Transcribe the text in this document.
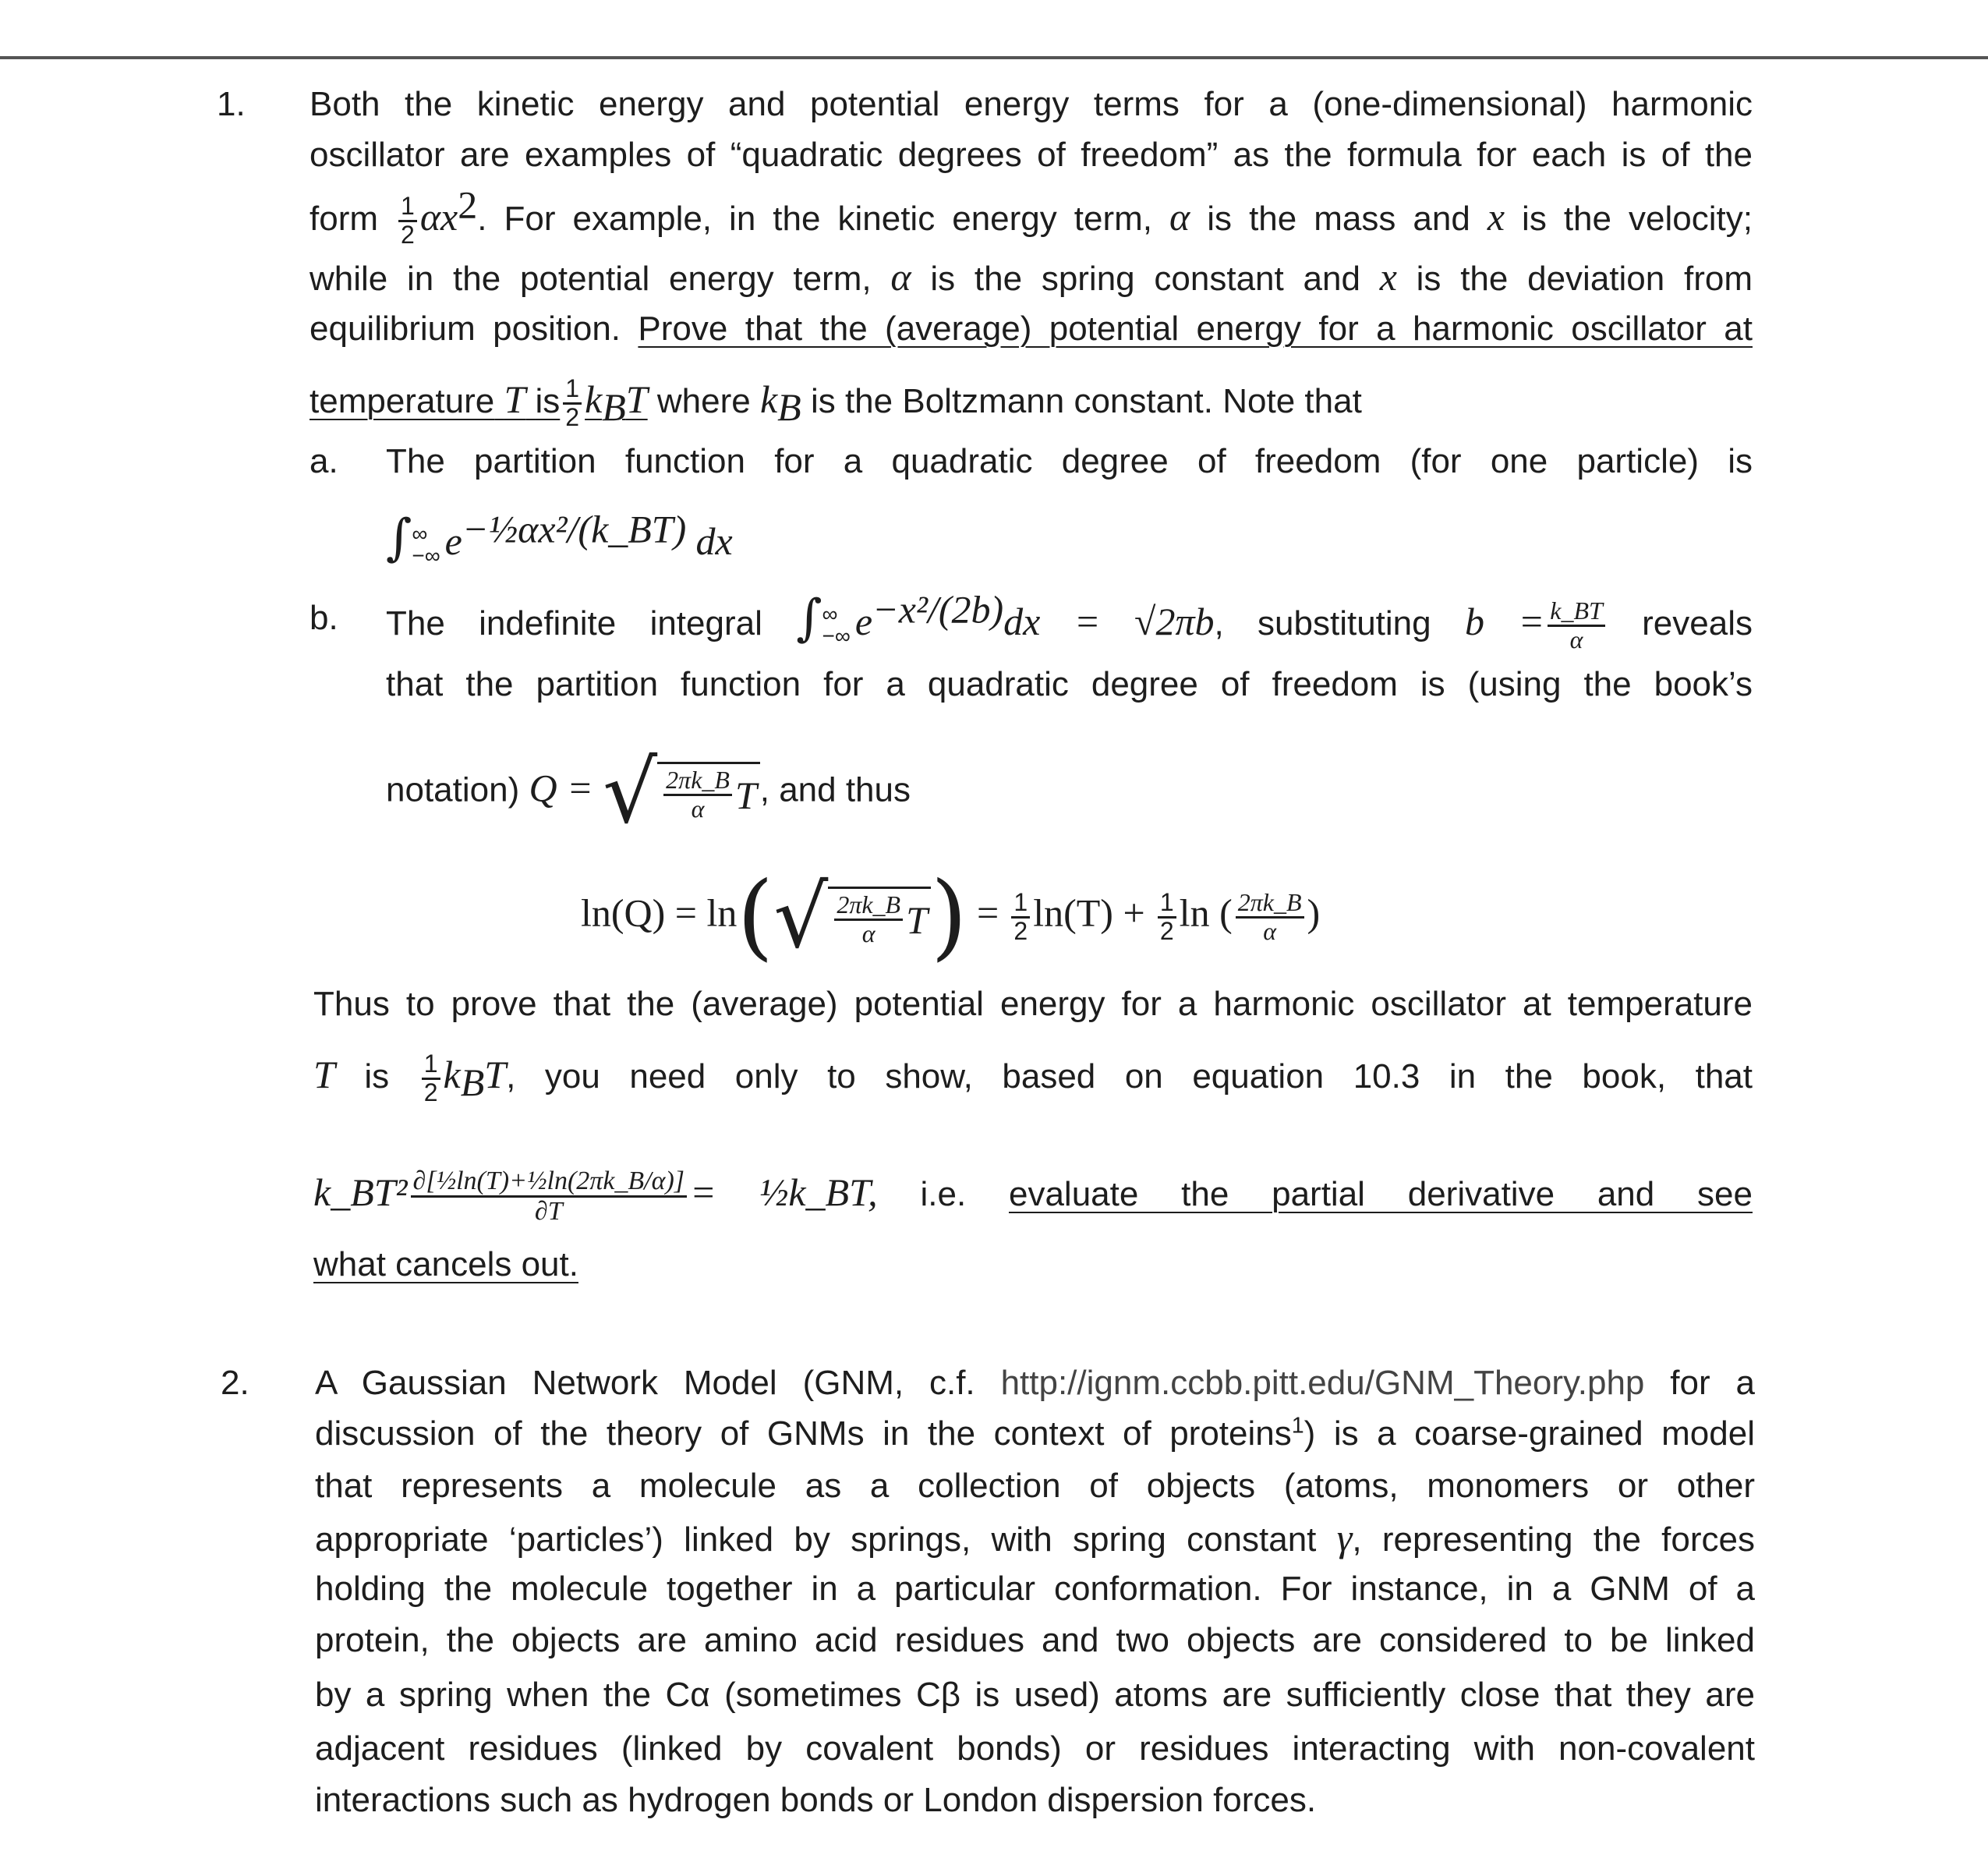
1. Both the kinetic energy and potential energy terms for a (one-dimensional) harmonic
oscillator are examples of “quadratic degrees of freedom” as the formula for each is of the
form $\frac{1}{2} \alpha x^2$. For example, in the kinetic energy term, α is the mass and x is the velocity;
while in the potential energy term, α is the spring constant and x is the deviation from
equilibrium position. Prove that the (average) potential energy for a harmonic oscillator at
temperature T is $\frac{1}{2} k_BT$ where $k_B$ is the Boltzmann constant. Note that
a. The partition function for a quadratic degree of freedom (for one particle) is
∫ ∞
−∞ $e^{-\frac{1}{2}\alpha x^2/(k\_BT)}$ dx
b. The indefinite integral ∫ ∞
−∞ $e^{-x^2/(2b)}dx = √2\pi b$, substituting $b = \frac{k\_BT}{\alpha}$ reveals
that the partition function for a quadratic degree of freedom is (using the book’s
notation) Q = √ $\frac{2\pi k\_B}{\alpha}$ T , and thus
ln(Q) = ln( √ $\frac{2\pi k\_B}{\alpha}$ T ) = $\frac{1}{2} \ln(T) + \frac{1}{2}$ ln ( $\frac{2\pi k\_B}{\alpha}$ )
Thus to prove that the (average) potential energy for a harmonic oscillator at temperature
T is $\frac{1}{2} k_BT$, you need only to show, based on equation 10.3 in the book, that
k_BT² $\frac{\text{∂[½ln(T)+½ln(2πk\_B/α)]}}{\partial T}$ = ½k_BT, i.e. evaluate the partial derivative and see
what cancels out.
2. A Gaussian Network Model (GNM, c.f. http://ignm.ccbb.pitt.edu/GNM_Theory.php for a
discussion of the theory of GNMs in the context of proteins$^1$) is a coarse-grained model
that represents a molecule as a collection of objects (atoms, monomers or other
appropriate ‘particles’) linked by springs, with spring constant γ, representing the forces
holding the molecule together in a particular conformation. For instance, in a GNM of a
protein, the objects are amino acid residues and two objects are considered to be linked
by a spring when the Cα (sometimes Cβ is used) atoms are sufficiently close that they are
adjacent residues (linked by covalent bonds) or residues interacting with non-covalent
interactions such as hydrogen bonds or London dispersion forces.
